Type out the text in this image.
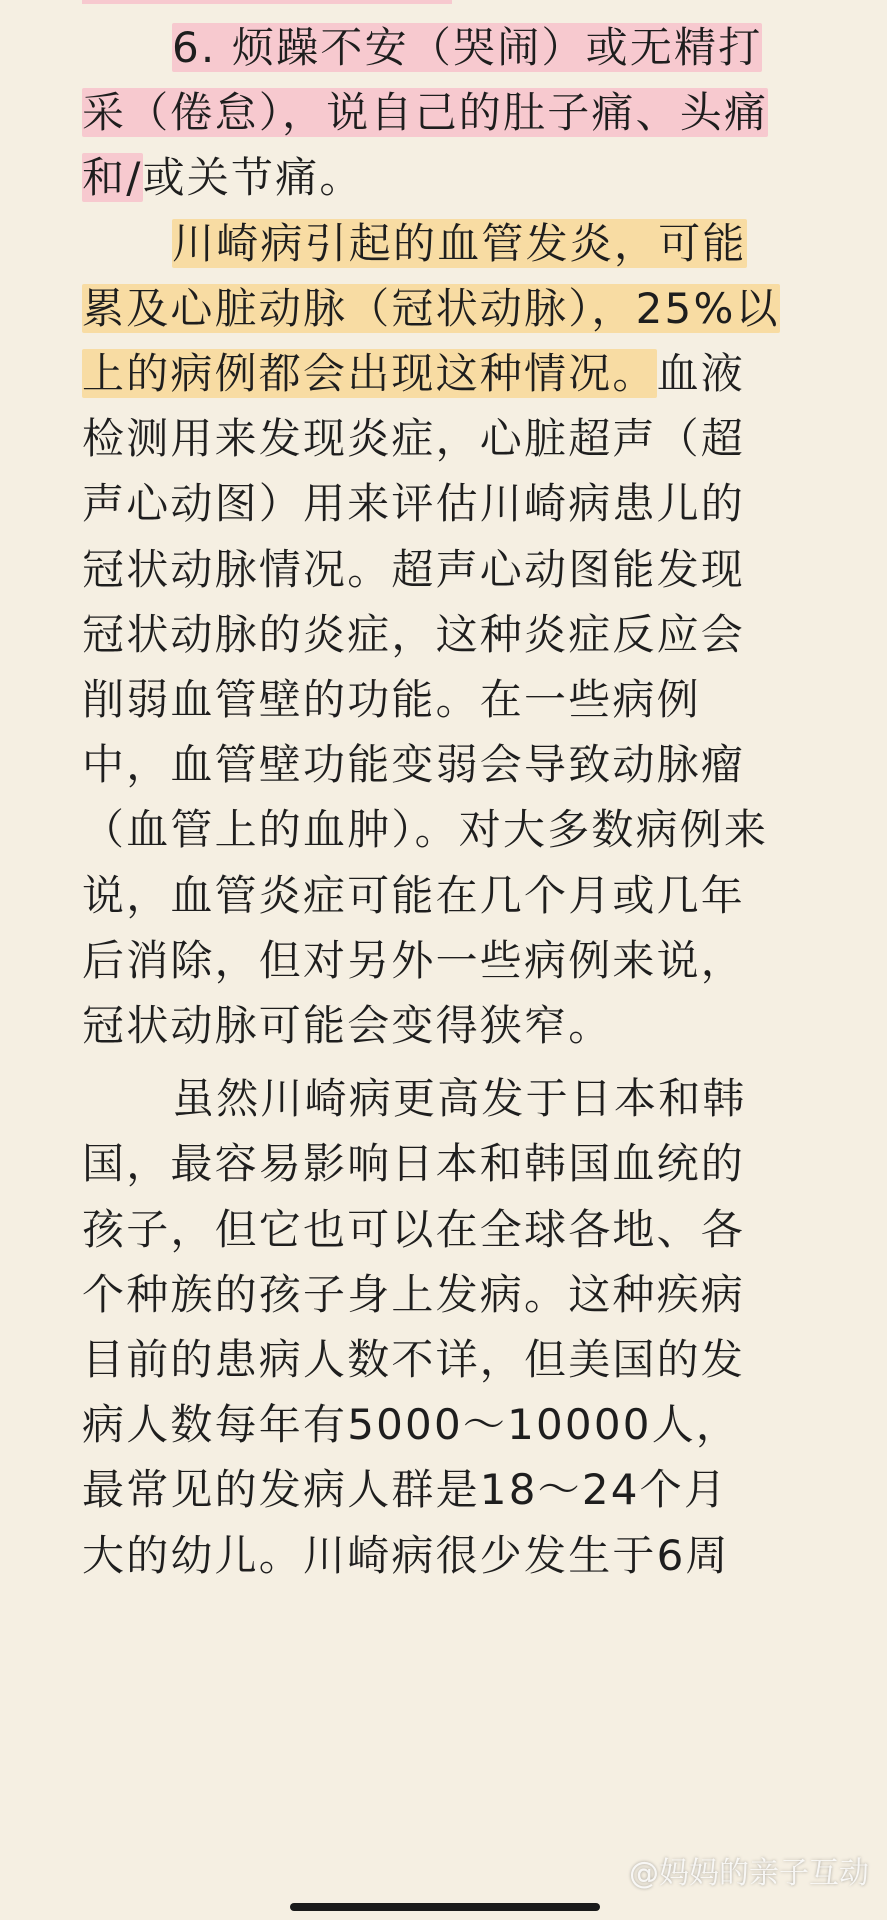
6. 烦躁不安（哭闹）或无精打
采（倦怠），说自己的肚子痛、头痛
和/或关节痛。
川崎病引起的血管发炎，可能
累及心脏动脉（冠状动脉），25%以
上的病例都会出现这种情况。血液
检测用来发现炎症，心脏超声（超
声心动图）用来评估川崎病患儿的
冠状动脉情况。超声心动图能发现
冠状动脉的炎症，这种炎症反应会
削弱血管壁的功能。在一些病例
中，血管壁功能变弱会导致动脉瘤
（血管上的血肿）。对大多数病例来
说，血管炎症可能在几个月或几年
后消除，但对另外一些病例来说，
冠状动脉可能会变得狭窄。
虽然川崎病更高发于日本和韩
国，最容易影响日本和韩国血统的
孩子，但它也可以在全球各地、各
个种族的孩子身上发病。这种疾病
目前的患病人数不详，但美国的发
病人数每年有5000～10000人，
最常见的发病人群是18～24个月
大的幼儿。川崎病很少发生于6周
@妈妈的亲子互动
